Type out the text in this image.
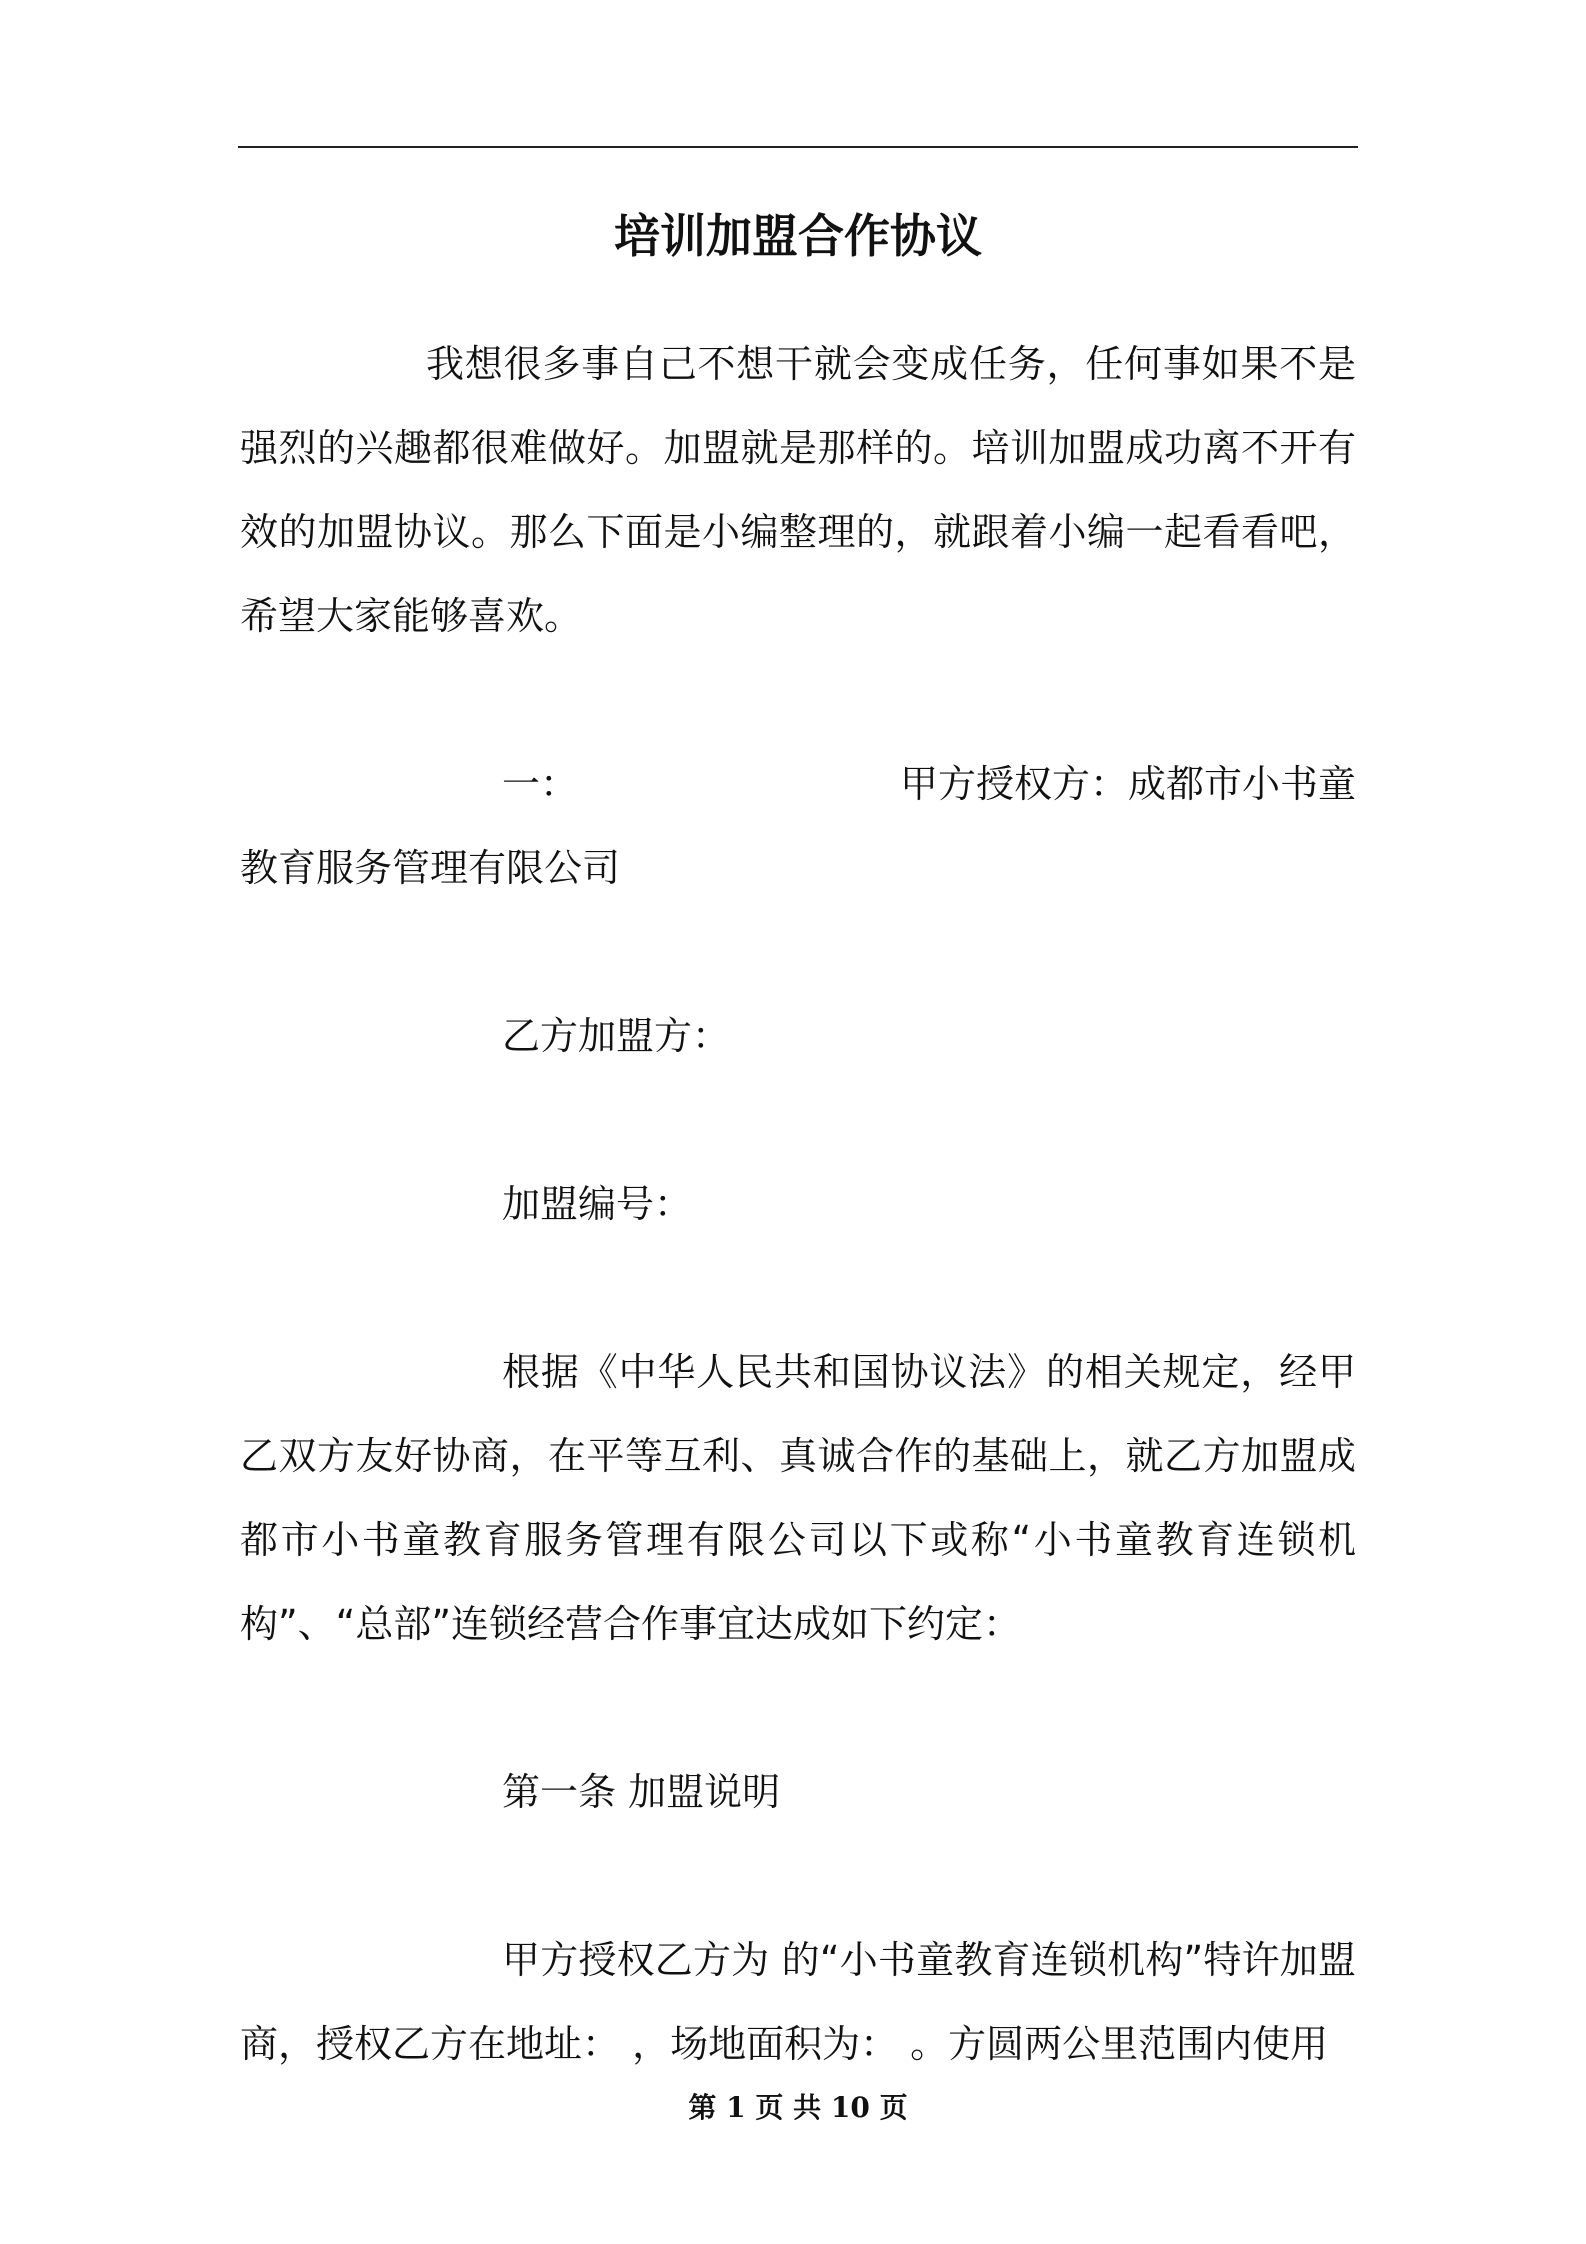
培训加盟合作协议

我想很多事自己不想干就会变成任务，任何事如果不是强烈的兴趣都很难做好。加盟就是那样的。培训加盟成功离不开有效的加盟协议。那么下面是小编整理的，就跟着小编一起看看吧，希望大家能够喜欢。

一：	甲方授权方：成都市小书童

教育服务管理有限公司

乙方加盟方：

加盟编号：

根据《中华人民共和国协议法》的相关规定，经甲乙双方友好协商，在平等互利、真诚合作的基础上，就乙方加盟成都市小书童教育服务管理有限公司以下或称“小书童教育连锁机构”、“总部”连锁经营合作事宜达成如下约定：

第一条 加盟说明

甲方授权乙方为 的“小书童教育连锁机构”特许加盟商，授权乙方在地址： ，场地面积为： 。方圆两公里范围内使用

第 1 页 共 10 页
